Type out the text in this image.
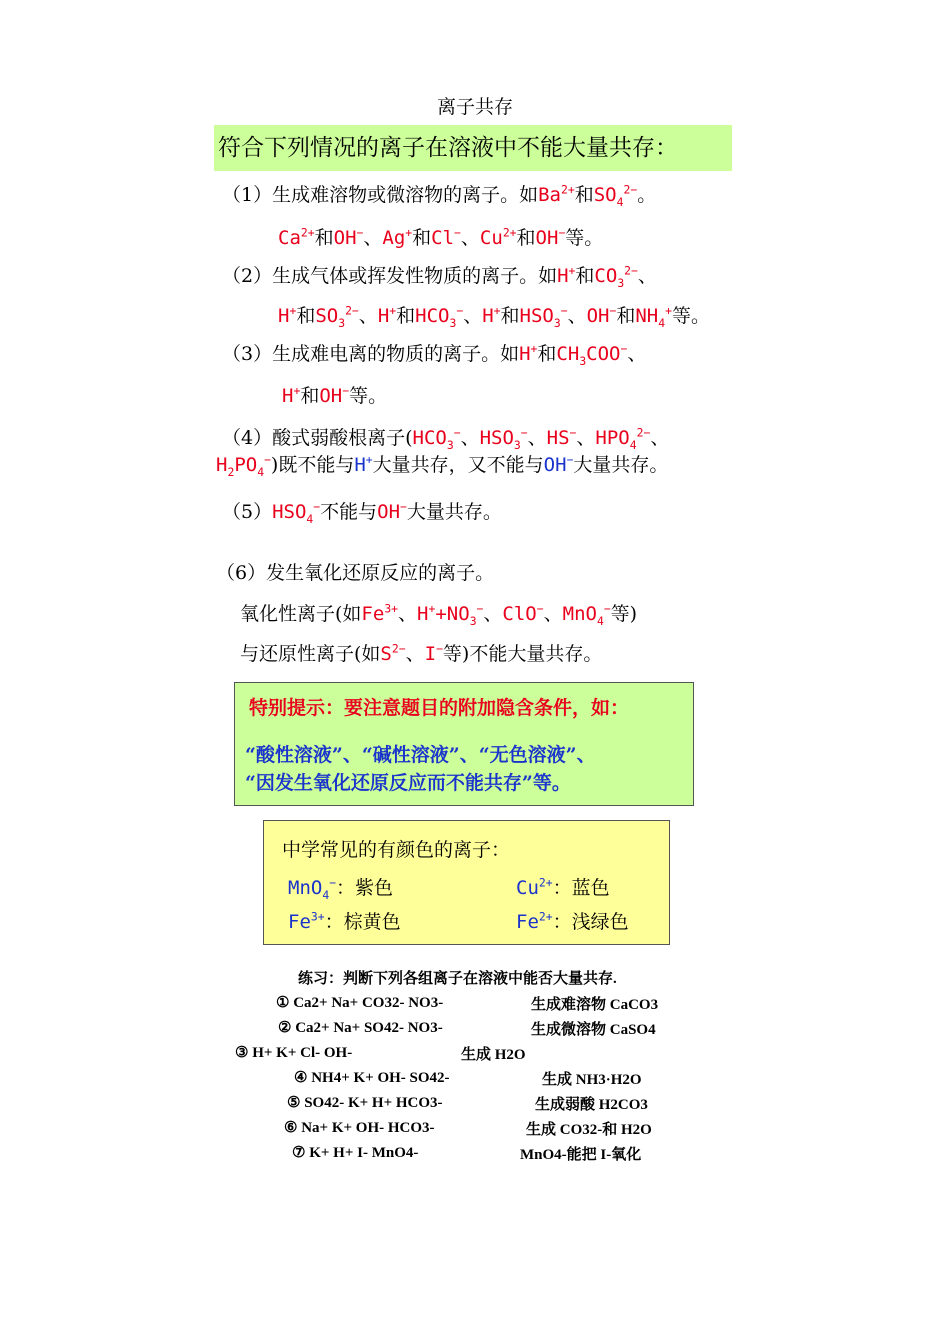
离子共存
符合下列情况的离子在溶液中不能大量共存：
（1）生成难溶物或微溶物的离子。如$Ba^{2+}$和$SO_4^{2-}$。
$Ca^{2+}$和OH−、Ag+和Cl−、$Cu^{2+}$和OH−等。
（2）生成气体或挥发性物质的离子。如H+和$CO_3^{2-}$、
H+和$SO_3^{2-}$、H+和$HCO_3^-$、H+和$HSO_3^-$、OH−和$NH_4^+$等。
（3）生成难电离的物质的离子。如H+和$CH_3COO^-$、
H+和OH−等。
（4）酸式弱酸根离子($HCO_3^-$、$HSO_3^-$、HS−、$HPO_4^{2-}$、
$H_2PO_4^-$)既不能与H+大量共存，又不能与OH−大量共存。
$(5)HSO_4^-$不能与OH−大量共存。
（6）发生氧化还原反应的离子。
氧化性离子(如$Fe^{3+}$、$H^++NO_3^-$、ClO−、MnO$_4$−等)
与还原性离子(如$S^{2-}$、I−等)不能大量共存。
特别提示：要注意题目的附加隐含条件，如：
“酸性溶液”、“碱性溶液”、“无色溶液”、
“因发生氧化还原反应而不能共存”等。
中学常见的有颜色的离子：
MnO$_4$−：紫色	$Cu^{2+}$：蓝色
$Fe^{3+}$：棕黄色	$Fe^{2+}$：浅绿色
练习：判断下列各组离子在溶液中能否大量共存.
① Ca2+ Na+ CO32- NO3-	生成难溶物 CaCO3
② Ca2+ Na+ SO42- NO3-	生成微溶物 CaSO4
③ H+ K+ Cl- OH-	生成 H2O
④ NH4+ K+ OH- SO42-	生成 NH3·H2O
⑤ SO42- K+ H+ HCO3-	生成弱酸 H2CO3
⑥ Na+ K+ OH- HCO3-	生成 CO32-和 H2O
⑦ K+ H+ I- MnO4-	MnO4-能把 I-氧化
